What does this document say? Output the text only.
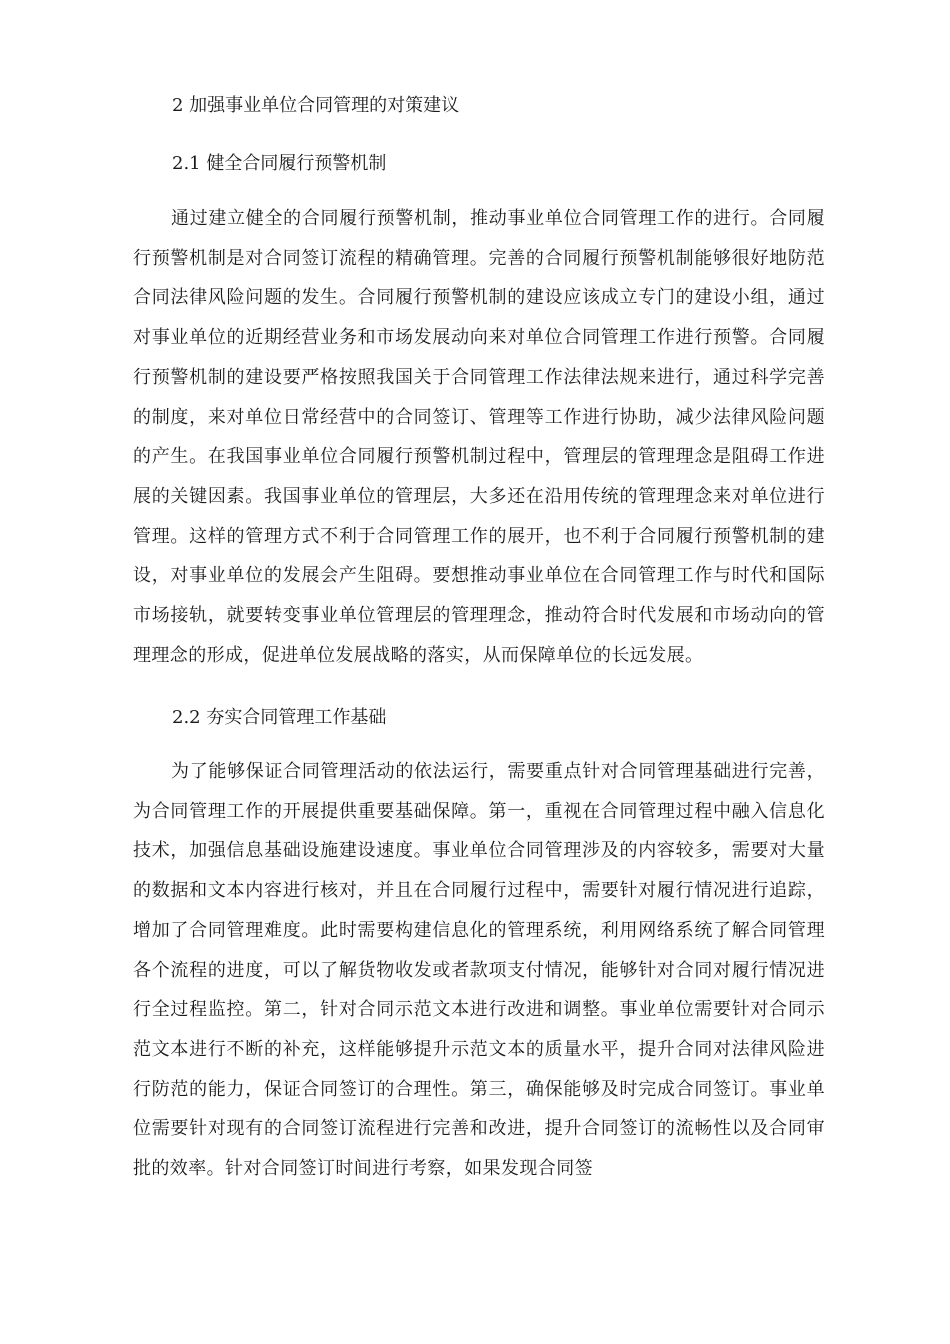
2 加强事业单位合同管理的对策建议
2.1 健全合同履行预警机制
通过建立健全的合同履行预警机制，推动事业单位合同管理工作的进行。合同履行预警机制是对合同签订流程的精确管理。完善的合同履行预警机制能够很好地防范合同法律风险问题的发生。合同履行预警机制的建设应该成立专门的建设小组，通过对事业单位的近期经营业务和市场发展动向来对单位合同管理工作进行预警。合同履行预警机制的建设要严格按照我国关于合同管理工作法律法规来进行，通过科学完善的制度，来对单位日常经营中的合同签订、管理等工作进行协助，减少法律风险问题的产生。在我国事业单位合同履行预警机制过程中，管理层的管理理念是阻碍工作进展的关键因素。我国事业单位的管理层，大多还在沿用传统的管理理念来对单位进行管理。这样的管理方式不利于合同管理工作的展开，也不利于合同履行预警机制的建设，对事业单位的发展会产生阻碍。要想推动事业单位在合同管理工作与时代和国际市场接轨，就要转变事业单位管理层的管理理念，推动符合时代发展和市场动向的管理理念的形成，促进单位发展战略的落实，从而保障单位的长远发展。
2.2 夯实合同管理工作基础
为了能够保证合同管理活动的依法运行，需要重点针对合同管理基础进行完善，为合同管理工作的开展提供重要基础保障。第一，重视在合同管理过程中融入信息化技术，加强信息基础设施建设速度。事业单位合同管理涉及的内容较多，需要对大量的数据和文本内容进行核对，并且在合同履行过程中，需要针对履行情况进行追踪，增加了合同管理难度。此时需要构建信息化的管理系统，利用网络系统了解合同管理各个流程的进度，可以了解货物收发或者款项支付情况，能够针对合同对履行情况进行全过程监控。第二，针对合同示范文本进行改进和调整。事业单位需要针对合同示范文本进行不断的补充，这样能够提升示范文本的质量水平，提升合同对法律风险进行防范的能力，保证合同签订的合理性。第三，确保能够及时完成合同签订。事业单位需要针对现有的合同签订流程进行完善和改进，提升合同签订的流畅性以及合同审批的效率。针对合同签订时间进行考察，如果发现合同签
